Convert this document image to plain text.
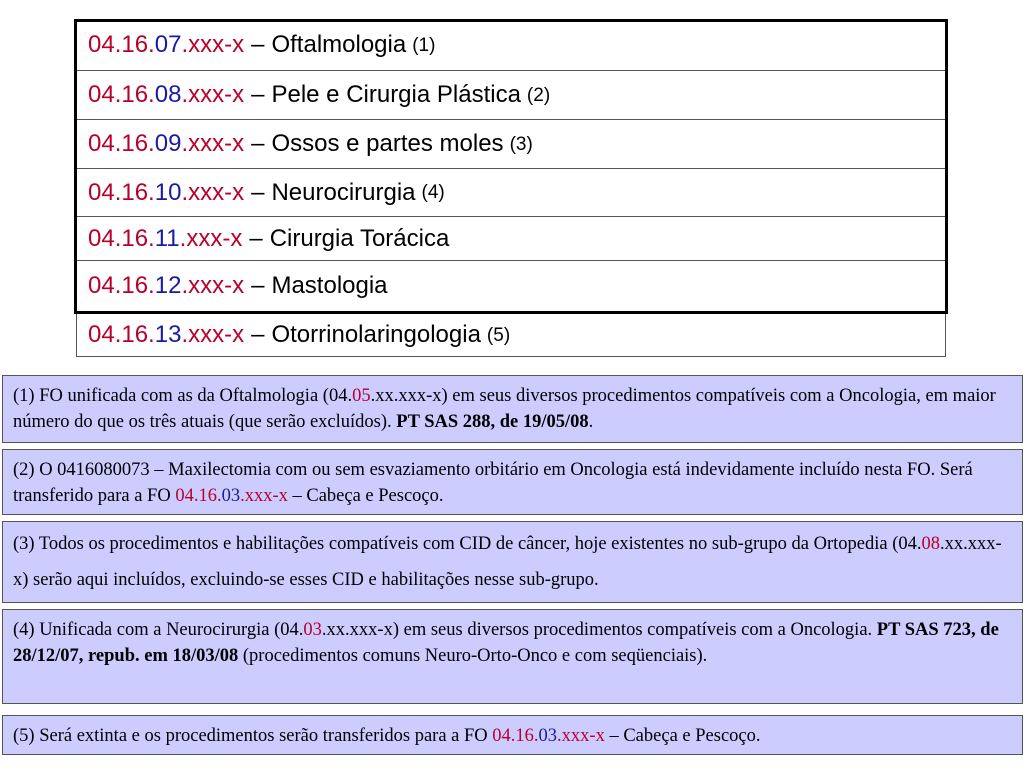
04.16. 07 .xxx-x – Oftalmologia (1)
04.16. 08 .xxx-x – Pele e Cirurgia Plástica (2)
04.16. 09 .xxx-x – Ossos e partes moles (3)
04.16. 10 .xxx-x – Neurocirurgia (4)
04.16. 11 .xxx-x – Cirurgia Torácica
04.16. 12 .xxx-x – Mastologia
04.16. 13 .xxx-x – Otorrinolaringologia (5)
(1) FO unificada com as da Oftalmologia (04.05.xx.xxx-x) em seus diversos procedimentos compatíveis com a Oncologia, em maior número do que os três atuais (que serão excluídos). PT SAS 288, de 19/05/08.
(2) O 0416080073 – Maxilectomia com ou sem esvaziamento orbitário em Oncologia está indevidamente incluído nesta FO. Será transferido para a FO 04.16.03.xxx-x – Cabeça e Pescoço.
(3) Todos os procedimentos e habilitações compatíveis com CID de câncer, hoje existentes no sub-grupo da Ortopedia (04.08.xx.xxx-x) serão aqui incluídos, excluindo-se esses CID e habilitações nesse sub-grupo.
(4) Unificada com a Neurocirurgia (04.03.xx.xxx-x) em seus diversos procedimentos compatíveis com a Oncologia. PT SAS 723, de 28/12/07, repub. em 18/03/08 (procedimentos comuns Neuro-Orto-Onco e com seqüenciais).
(5) Será extinta e os procedimentos serão transferidos para a FO 04.16.03.xxx-x – Cabeça e Pescoço.
